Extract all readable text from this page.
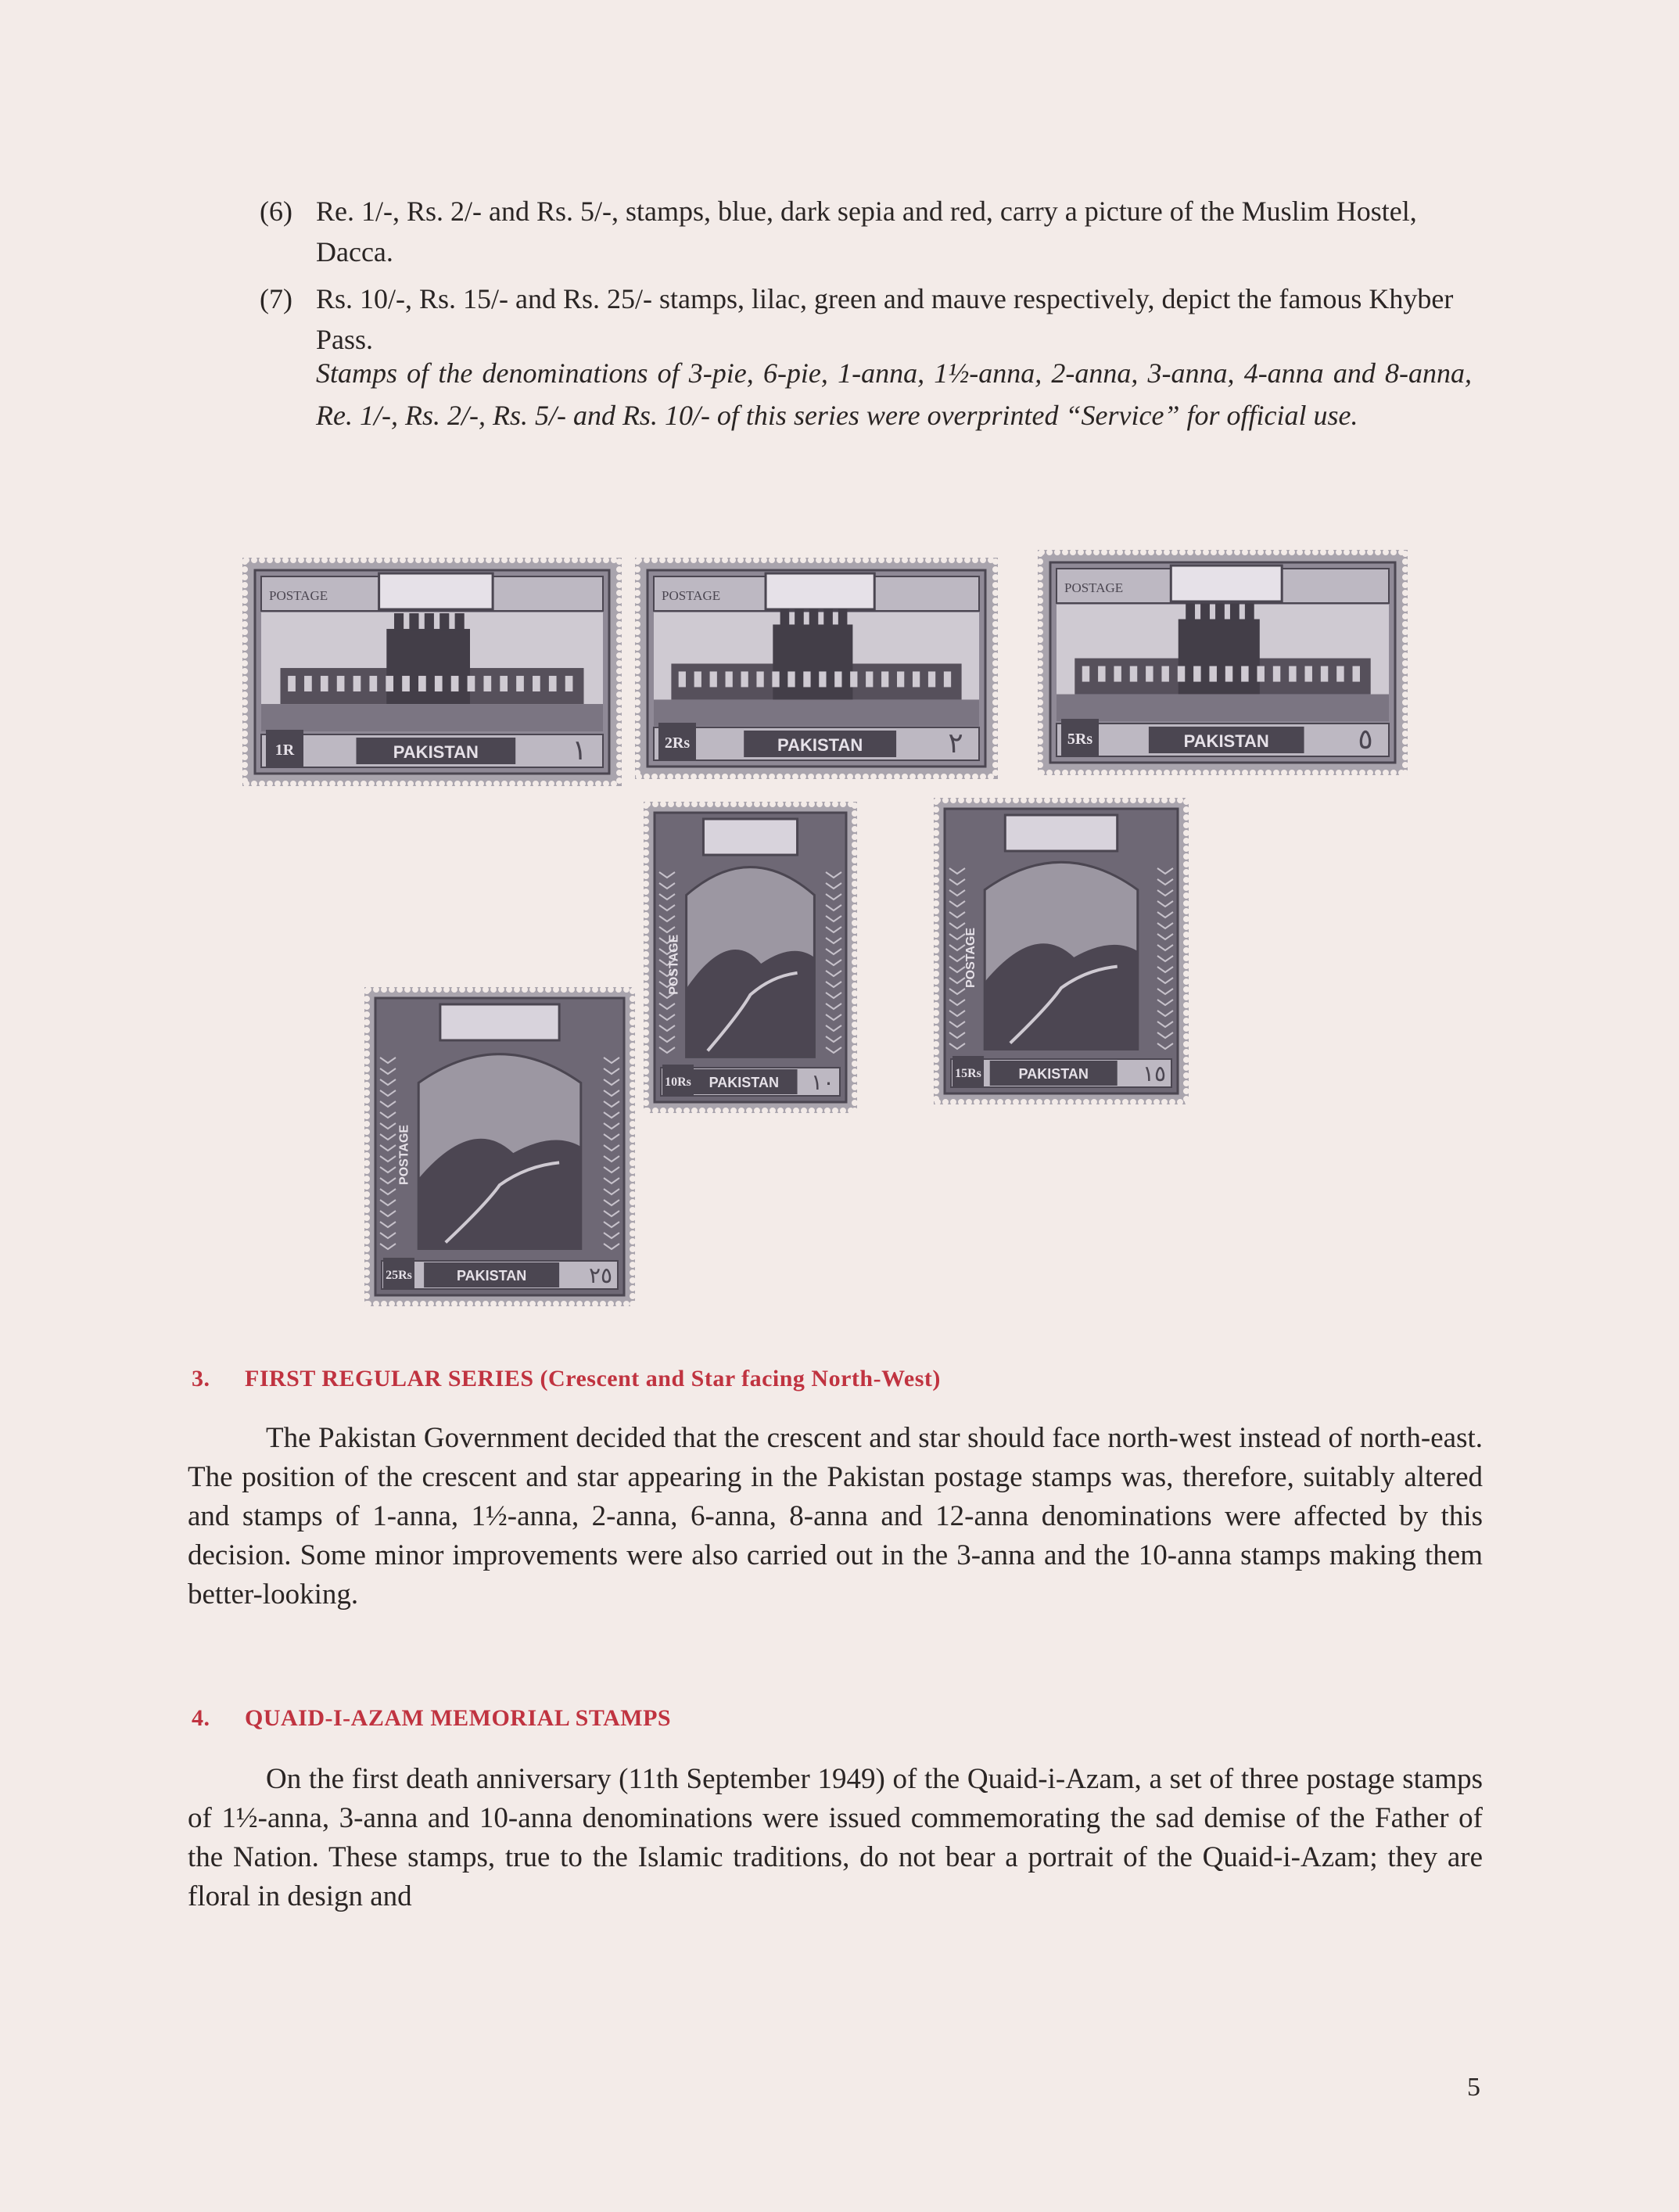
(6) Re. 1/-, Rs. 2/- and Rs. 5/-, stamps, blue, dark sepia and red, carry a picture of the Muslim Hostel, Dacca.
(7) Rs. 10/-, Rs. 15/- and Rs. 25/- stamps, lilac, green and mauve respectively, depict the famous Khyber Pass.
Stamps of the denominations of 3-pie, 6-pie, 1-anna, 1½-anna, 2-anna, 3-anna, 4-anna and 8-anna, Re. 1/-, Rs. 2/-, Rs. 5/- and Rs. 10/- of this series were overprinted “Service” for official use.
POSTAGE
PAKISTAN
1R	١
POSTAGE
PAKISTAN
2Rs	٢
POSTAGE
PAKISTAN
5Rs	٥
POSTAGE
PAKISTAN
10Rs	١٠
POSTAGE
PAKISTAN
15Rs	١٥
POSTAGE
PAKISTAN
25Rs	٢٥
3. FIRST REGULAR SERIES (Crescent and Star facing North-West)

The Pakistan Government decided that the crescent and star should face north-west instead of north-east. The position of the crescent and star appearing in the Pakistan postage stamps was, therefore, suitably altered and stamps of 1-anna, 1½-anna, 2-anna, 6-anna, 8-anna and 12-anna denominations were affected by this decision. Some minor improvements were also carried out in the 3-anna and the 10-anna stamps making them better-looking.

4. QUAID-I-AZAM MEMORIAL STAMPS

On the first death anniversary (11th September 1949) of the Quaid-i-Azam, a set of three postage stamps of 1½-anna, 3-anna and 10-anna denominations were issued commemorating the sad demise of the Father of the Nation. These stamps, true to the Islamic traditions, do not bear a portrait of the Quaid-i-Azam; they are floral in design and

5
